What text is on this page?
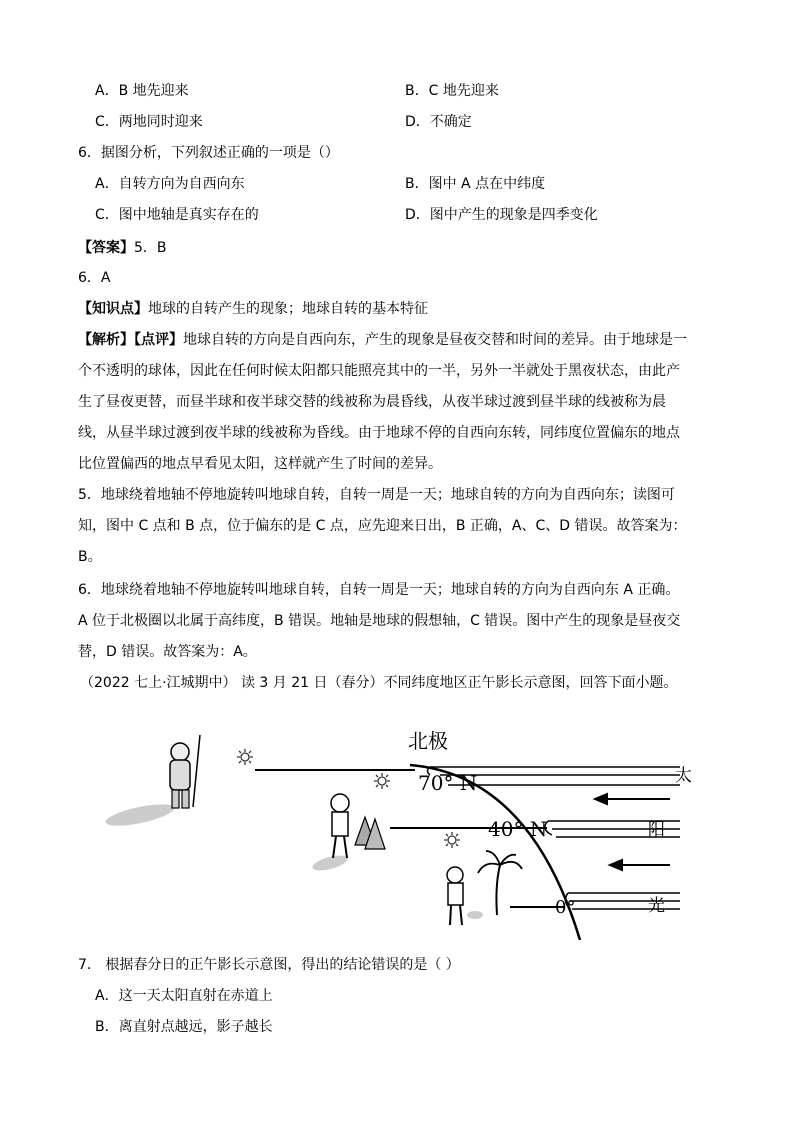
A．B 地先迎来	B．C 地先迎来
C．两地同时迎来	D．不确定
6．据图分析，下列叙述正确的一项是（）
A．自转方向为自西向东	B．图中 A 点在中纬度
C．图中地轴是真实存在的	D．图中产生的现象是四季变化
【答案】5．B
6．A
【知识点】地球的自转产生的现象；地球自转的基本特征
【解析】【点评】地球自转的方向是自西向东，产生的现象是昼夜交替和时间的差异。由于地球是一
个不透明的球体，因此在任何时候太阳都只能照亮其中的一半，另外一半就处于黑夜状态，由此产
生了昼夜更替，而昼半球和夜半球交替的线被称为晨昏线，从夜半球过渡到昼半球的线被称为晨
线，从昼半球过渡到夜半球的线被称为昏线。由于地球不停的自西向东转，同纬度位置偏东的地点
比位置偏西的地点早看见太阳，这样就产生了时间的差异。
5．地球绕着地轴不停地旋转叫地球自转，自转一周是一天；地球自转的方向为自西向东；读图可
知，图中 C 点和 B 点，位于偏东的是 C 点，应先迎来日出，B 正确，A、C、D 错误。故答案为：
B。
6．地球绕着地轴不停地旋转叫地球自转，自转一周是一天；地球自转的方向为自西向东 A 正确。
A 位于北极圈以北属于高纬度，B 错误。地轴是地球的假想轴，C 错误。图中产生的现象是昼夜交
替，D 错误。故答案为：A。
（2022 七上·江城期中） 读 3 月 21 日（春分）不同纬度地区正午影长示意图，回答下面小题。
北极
70° N
40° N
0°
太
阳
光
7． 根据春分日的正午影长示意图，得出的结论错误的是（ ）
A．这一天太阳直射在赤道上
B．离直射点越远，影子越长
